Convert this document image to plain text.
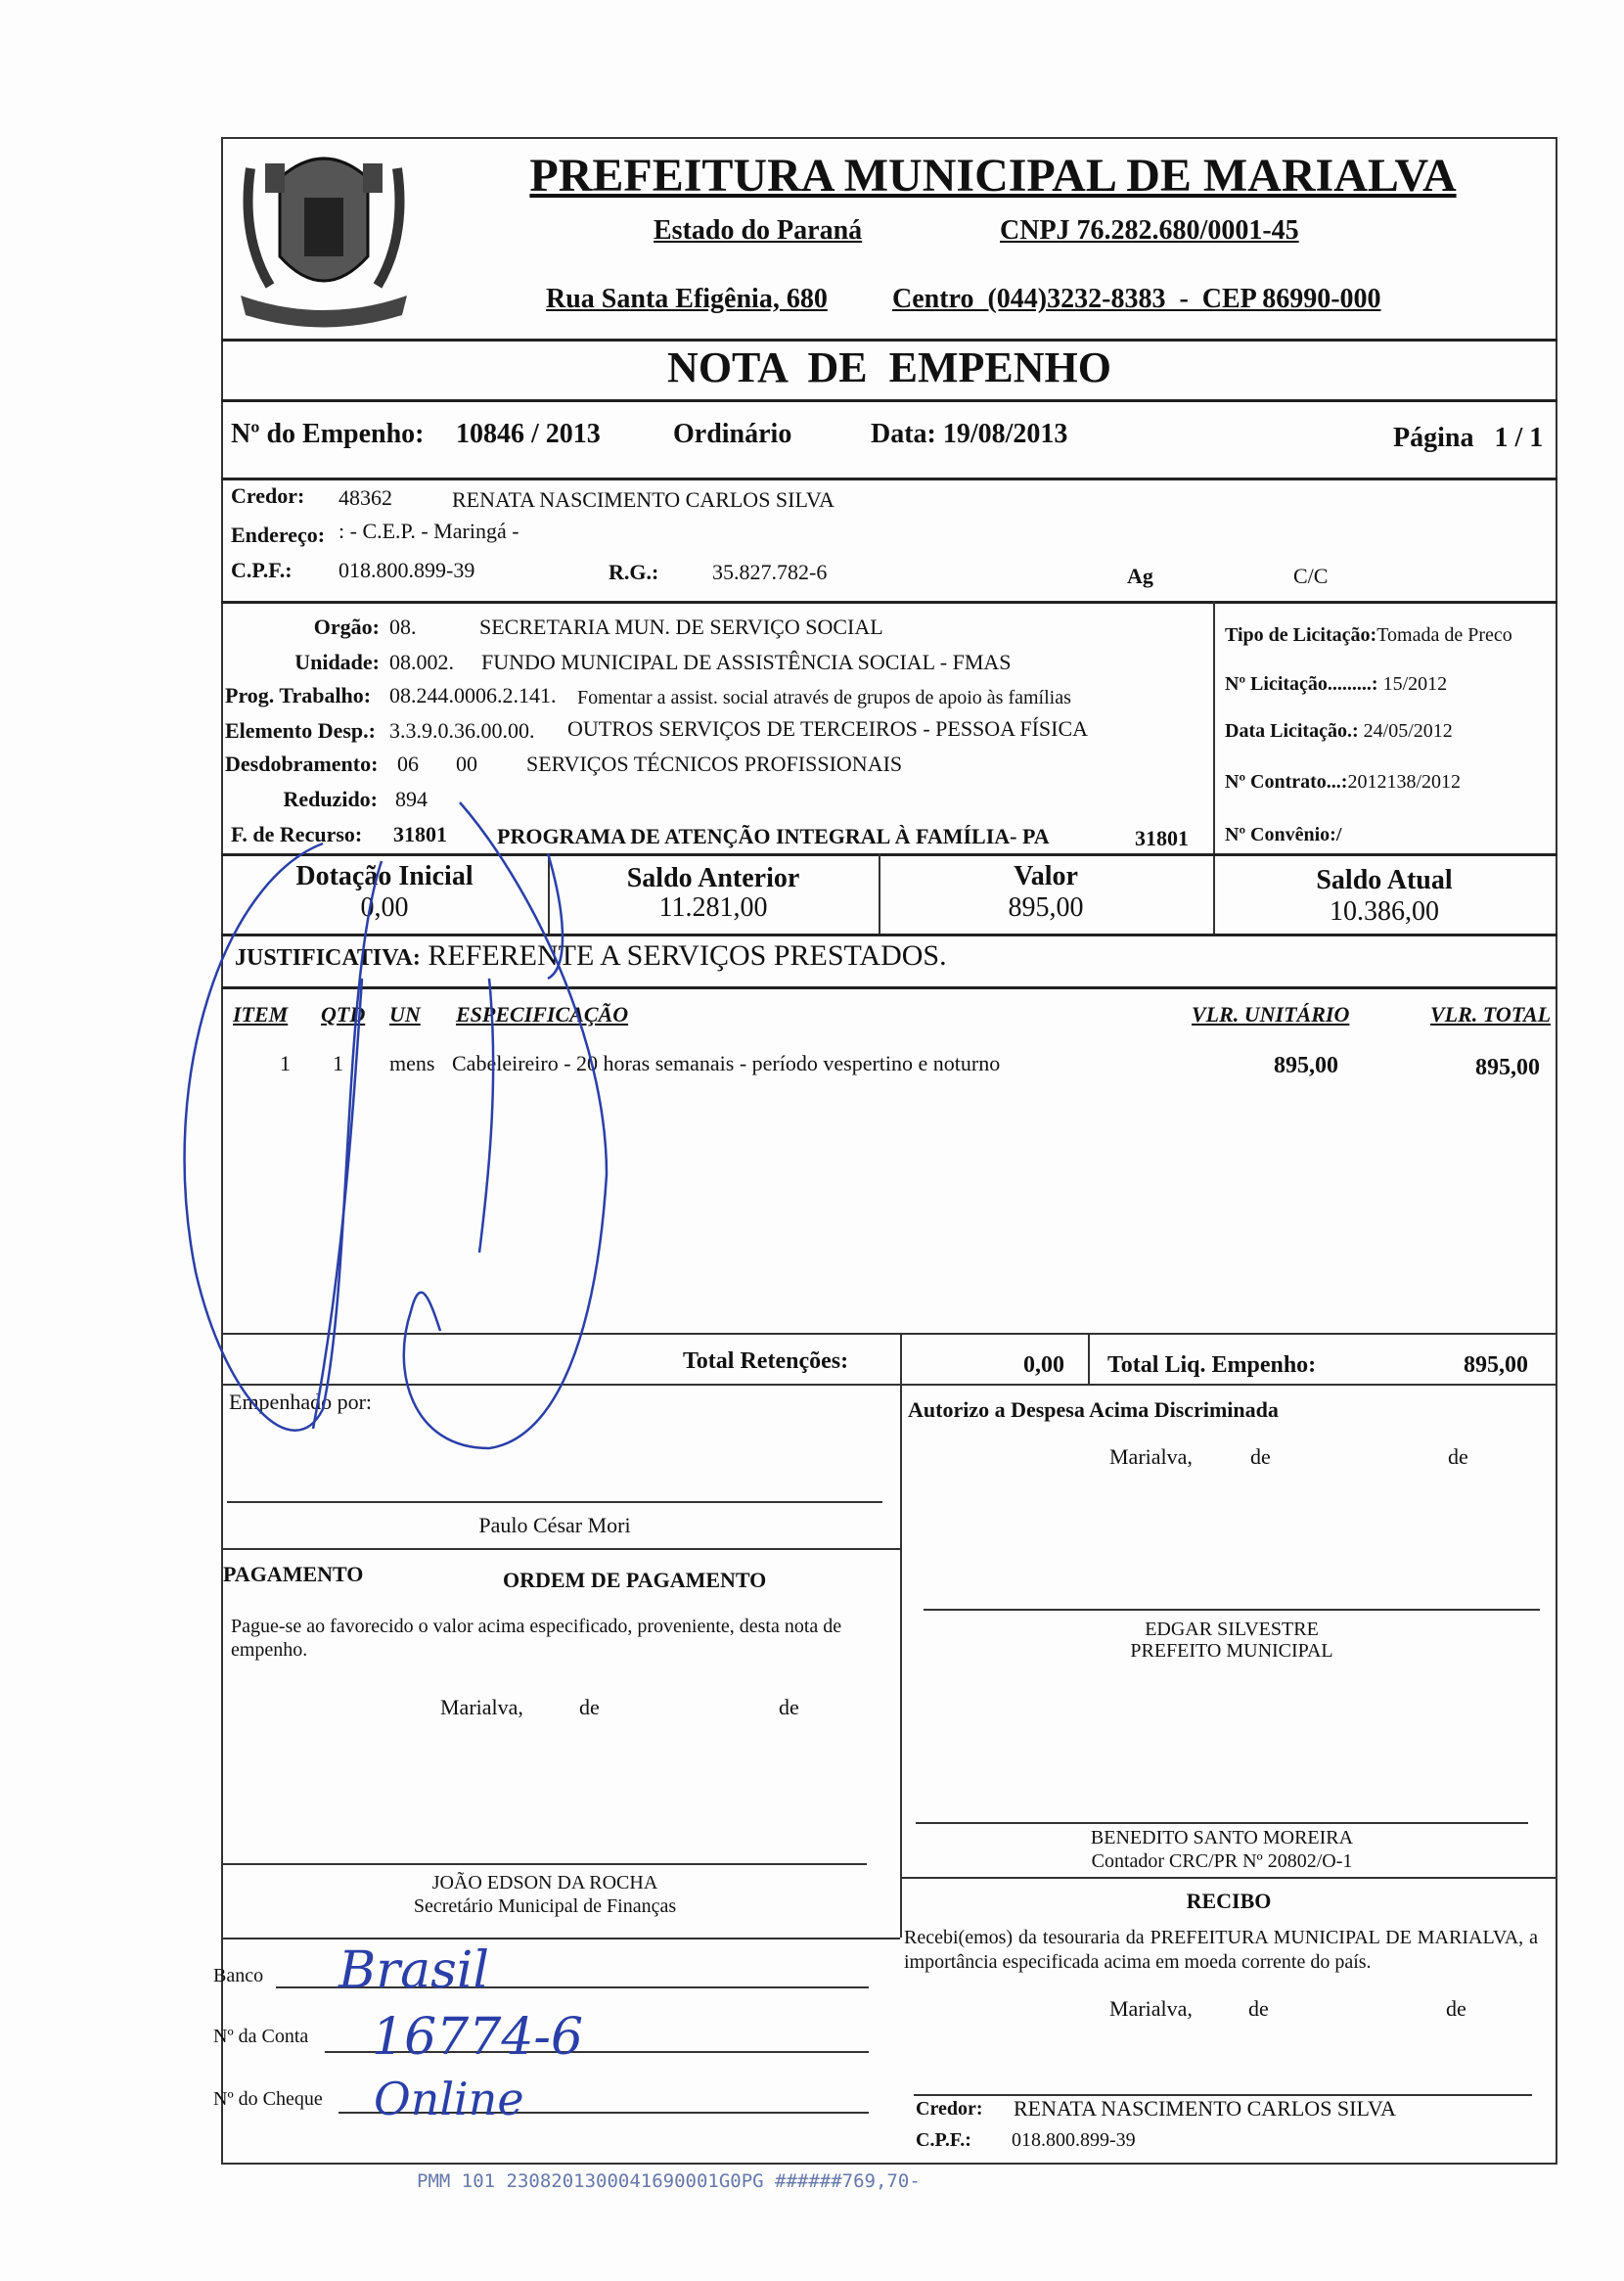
PREFEITURA MUNICIPAL DE MARIALVA
Estado do Paraná	CNPJ 76.282.680/0001-45
Rua Santa Efigênia, 680 Centro  (044)3232-8383  -  CEP 86990-000
NOTA  DE  EMPENHO
Nº do Empenho: 10846 / 2013	Ordinário	Data: 19/08/2013	Página   1 / 1
Credor: 48362	RENATA NASCIMENTO CARLOS SILVA
Endereço: : - C.E.P. - Maringá -
C.P.F.: 018.800.899-39	R.G.: 35.827.782-6	Ag	C/C
Orgão: 08.	SECRETARIA MUN. DE SERVIÇO SOCIAL
Unidade: 08.002. FUNDO MUNICIPAL DE ASSISTÊNCIA SOCIAL - FMAS
Prog. Trabalho: 08.244.0006.2.141. Fomentar a assist. social através de grupos de apoio às famílias
Elemento Desp.: 3.3.9.0.36.00.00. OUTROS SERVIÇOS DE TERCEIROS - PESSOA FÍSICA
Desdobramento: 06 00 SERVIÇOS TÉCNICOS PROFISSIONAIS
Reduzido: 894
F. de Recurso: 31801 PROGRAMA DE ATENÇÃO INTEGRAL À FAMÍLIA- PA	31801
Tipo de Licitação:Tomada de Preco
Nº Licitação.........: 15/2012
Data Licitação.: 24/05/2012
Nº Contrato...:2012138/2012
Nº Convênio:/
Dotação Inicial
0,00
Saldo Anterior
11.281,00
Valor
895,00
Saldo Atual
10.386,00
JUSTIFICATIVA: REFERENTE A SERVIÇOS PRESTADOS.
ITEM QTD UN ESPECIFICAÇÃO	VLR. UNITÁRIO	VLR. TOTAL
1 1 mens Cabeleireiro - 20 horas semanais - período vespertino e noturno	895,00	895,00
Total Retenções:	0,00 Total Liq. Empenho:	895,00
Empenhado por:
Paulo César Mori
Autorizo a Despesa Acima Discriminada
Marialva,	de	de
EDGAR SILVESTRE
PREFEITO MUNICIPAL
PAGAMENTO	ORDEM DE PAGAMENTO
Pague-se ao favorecido o valor acima especificado, proveniente, desta nota de empenho.
Marialva,	de	de
JOÃO EDSON DA ROCHA
Secretário Municipal de Finanças
BENEDITO SANTO MOREIRA
Contador CRC/PR Nº 20802/O-1
RECIBO
Recebi(emos) da tesouraria da PREFEITURA MUNICIPAL DE MARIALVA, a importância especificada acima em moeda corrente do país.
Marialva,	de	de
Credor: RENATA NASCIMENTO CARLOS SILVA
C.P.F.: 018.800.899-39
Banco Brasil
Nº da Conta 16774-6
Nº do Cheque Online
PMM 101 2308201300041690001G0PG ######769,70-
